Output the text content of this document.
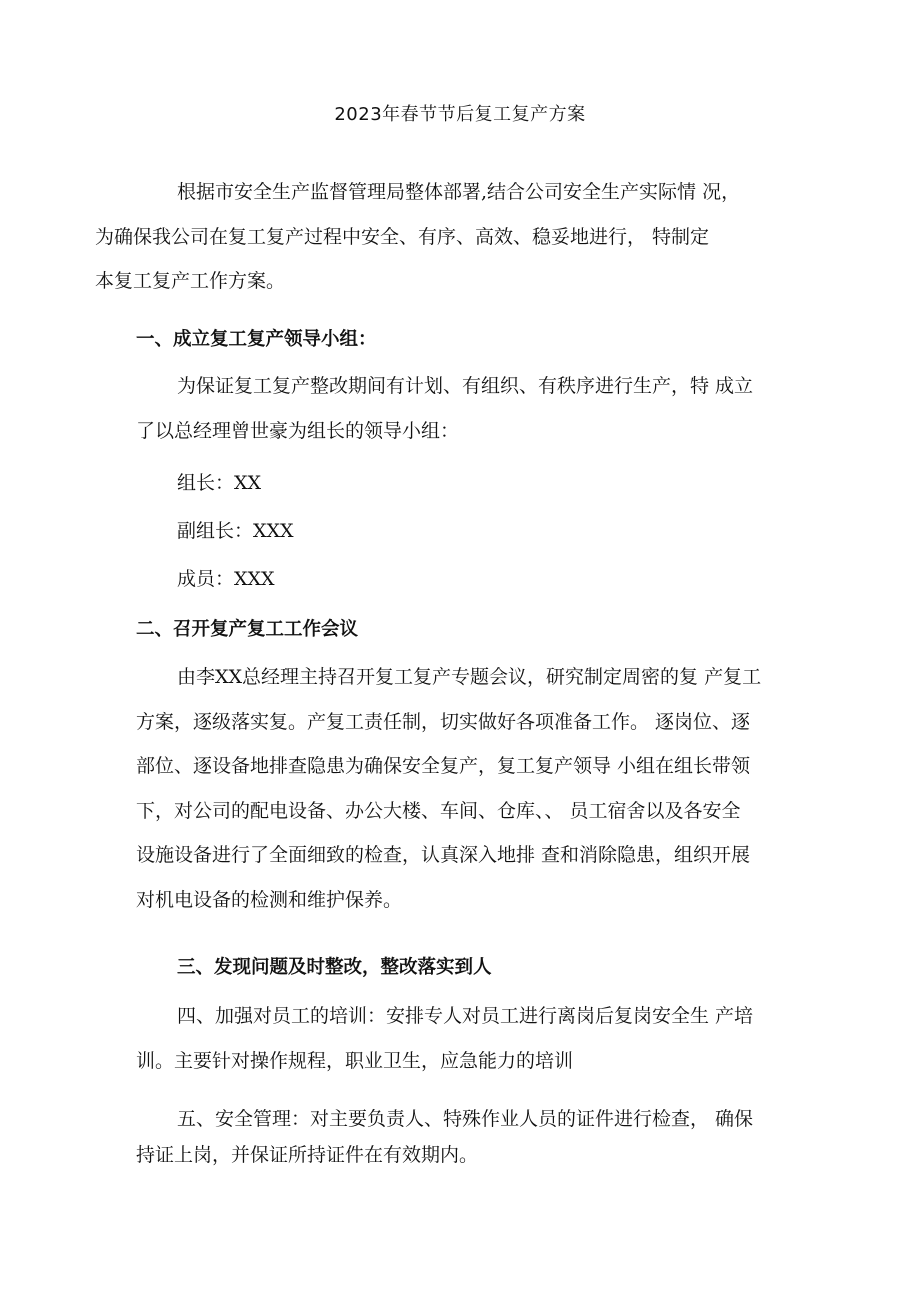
2023年春节节后复工复产方案
根据市安全生产监督管理局整体部署,结合公司安全生产实际情 况，
为确保我公司在复工复产过程中安全、有序、高效、稳妥地进行， 特制定
本复工复产工作方案。
一、成立复工复产领导小组：
为保证复工复产整改期间有计划、有组织、有秩序进行生产，特 成立
了以总经理曾世豪为组长的领导小组：
组长：XX
副组长：XXX
成员：XXX
二、召开复产复工工作会议
由李XX总经理主持召开复工复产专题会议，研究制定周密的复 产复工
方案，逐级落实复。产复工责任制，切实做好各项准备工作。 逐岗位、逐
部位、逐设备地排查隐患为确保安全复产，复工复产领导 小组在组长带领
下，对公司的配电设备、办公大楼、车间、仓库、、 员工宿舍以及各安全
设施设备进行了全面细致的检查，认真深入地排 查和消除隐患，组织开展
对机电设备的检测和维护保养。
三、发现问题及时整改，整改落实到人
四、加强对员工的培训：安排专人对员工进行离岗后复岗安全生 产培
训。主要针对操作规程，职业卫生，应急能力的培训
五、安全管理：对主要负责人、特殊作业人员的证件进行检查， 确保
持证上岗，并保证所持证件在有效期内。
